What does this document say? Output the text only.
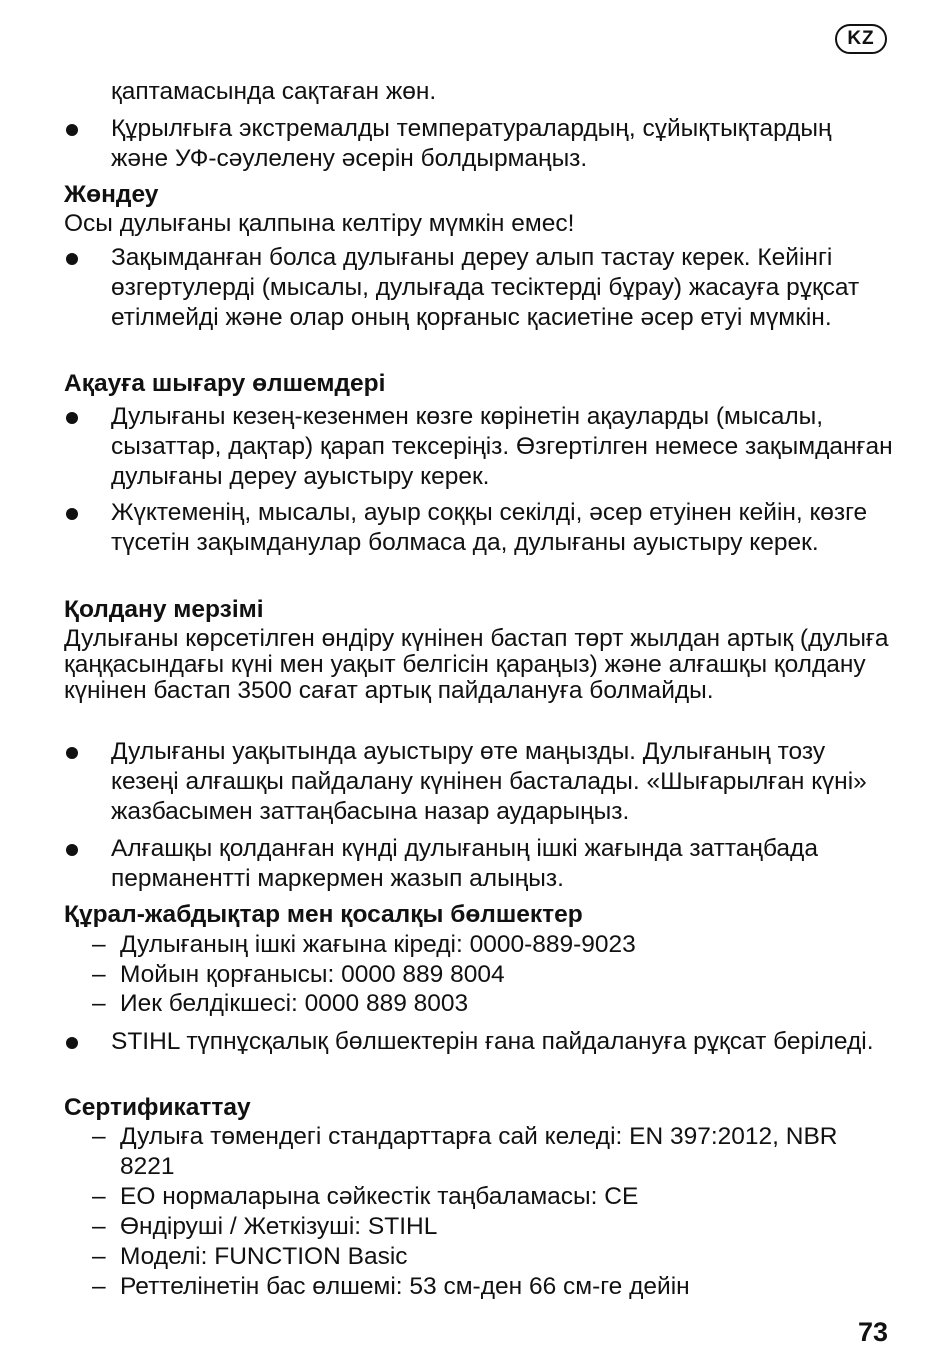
KZ
қаптамасында сақтаған жөн.
Құрылғыға экстремалды температуралардың, сұйықтықтардың және УФ-сәулелену әсерін болдырмаңыз.
Жөндеу
Осы дулығаны қалпына келтіру мүмкін емес!
Зақымданған болса дулығаны дереу алып тастау керек. Кейінгі өзгертулерді (мысалы, дулығада тесіктерді бұрау) жасауға рұқсат етілмейді және олар оның қорғаныс қасиетіне әсер етуі мүмкін.
Ақауға шығару өлшемдері
Дулығаны кезең-кезенмен көзге көрінетін ақауларды (мысалы, сызаттар, дақтар) қарап тексеріңіз. Өзгертілген немесе зақымданған дулығаны дереу ауыстыру керек.
Жүктеменің, мысалы, ауыр соққы секілді, әсер етуінен кейін, көзге түсетін зақымданулар болмаса да, дулығаны ауыстыру керек.
Қолдану мерзімі
Дулығаны көрсетілген өндіру күнінен бастап төрт жылдан артық (дулыға қаңқасындағы күні мен уақыт белгісін қараңыз) және алғашқы қолдану күнінен бастап 3500 сағат артық пайдалануға болмайды.
Дулығаны уақытында ауыстыру өте маңызды. Дулығаның тозу кезеңі алғашқы пайдалану күнінен басталады. «Шығарылған күні» жазбасымен заттаңбасына назар аударыңыз.
Алғашқы қолданған күнді дулығаның ішкі жағында заттаңбада перманентті маркермен жазып алыңыз.
Құрал-жабдықтар мен қосалқы бөлшектер
– Дулығаның ішкі жағына кіреді: 0000-889-9023
– Мойын қорғанысы: 0000 889 8004
– Иек белдікшесі: 0000 889 8003
STIHL түпнұсқалық бөлшектерін ғана пайдалануға рұқсат беріледі.
Сертификаттау
– Дулыға төмендегі стандарттарға сай келеді: EN 397:2012, NBR 8221
– ЕО нормаларына сәйкестік таңбаламасы: CE
– Өндіруші / Жеткізуші: STIHL
– Моделі: FUNCTION Basic
– Реттелінетін бас өлшемі: 53 см-ден 66 см-ге дейін
73
